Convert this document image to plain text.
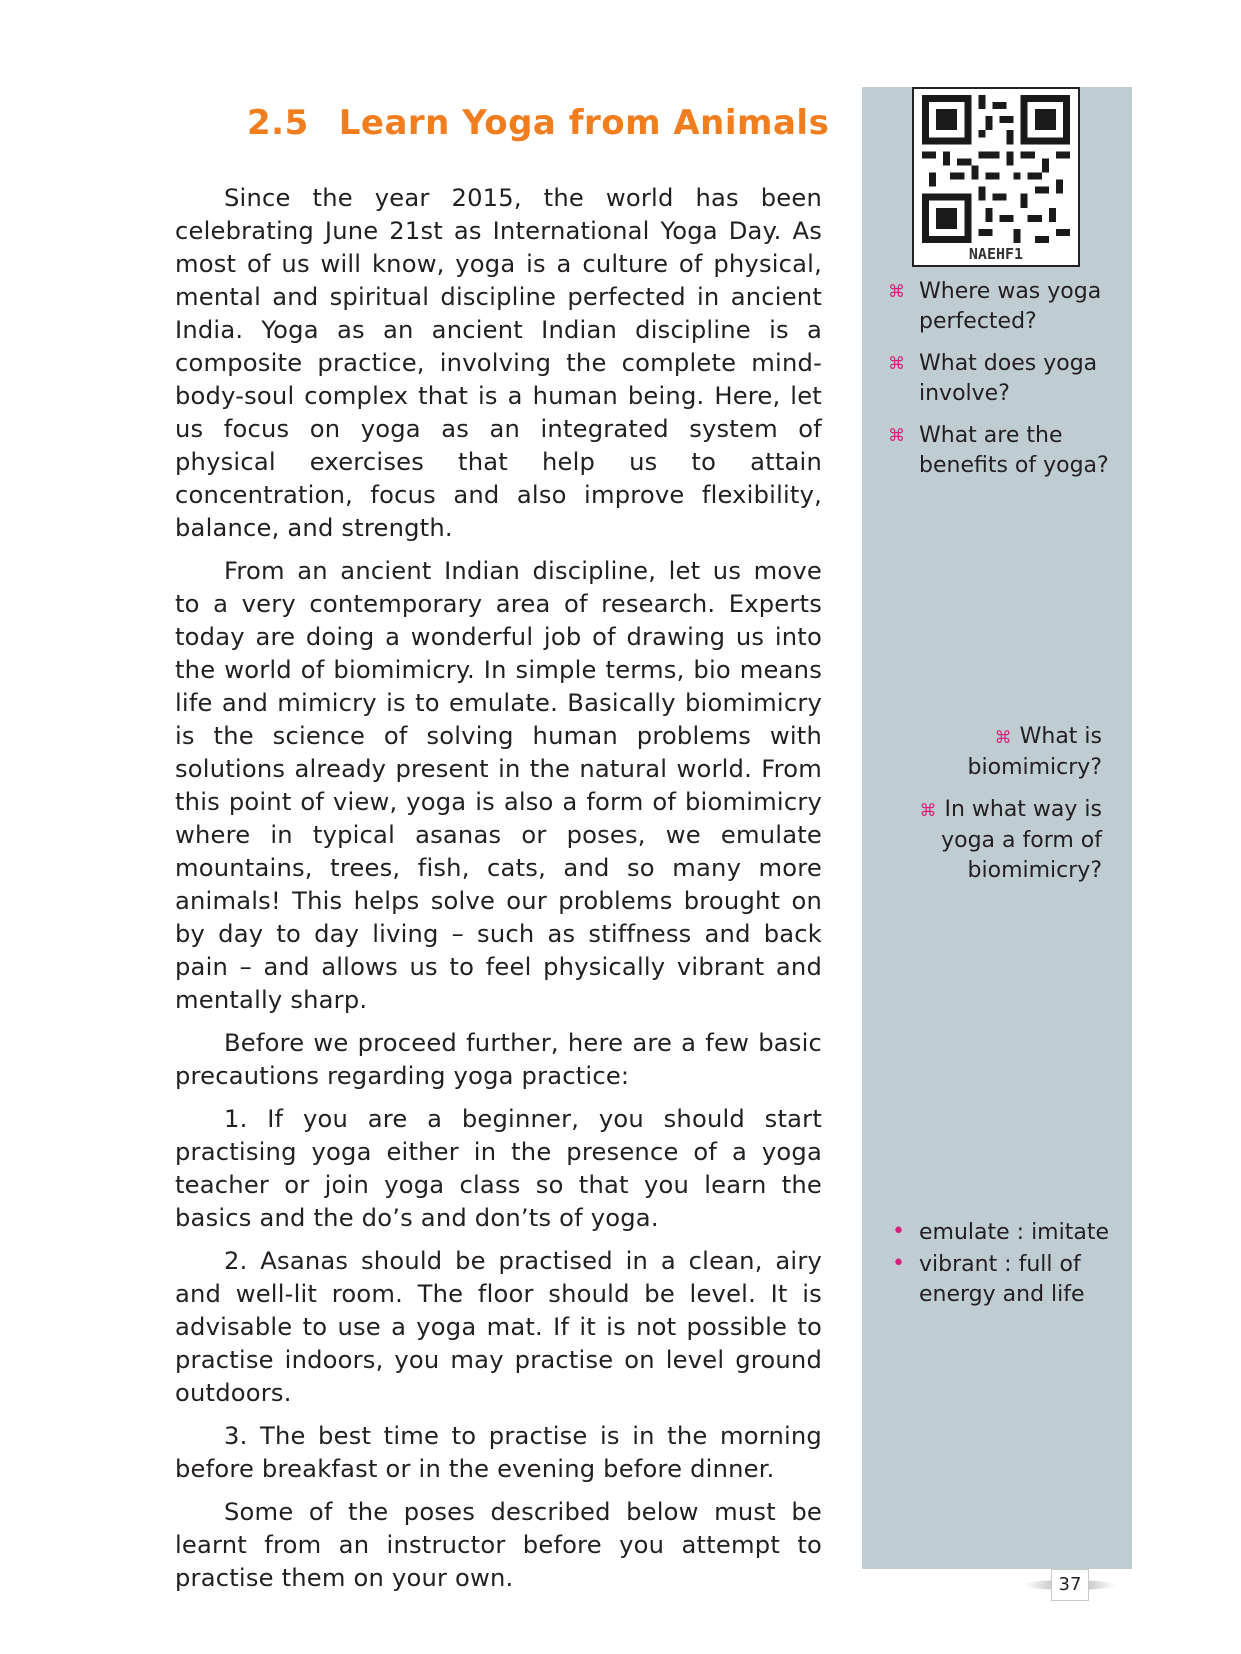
2.5 Learn Yoga from Animals

Since the year 2015, the world has been celebrating June 21st as International Yoga Day. As most of us will know, yoga is a culture of physical, mental and spiritual discipline perfected in ancient India. Yoga as an ancient Indian discipline is a composite practice, involving the complete mind-body-soul complex that is a human being. Here, let us focus on yoga as an integrated system of physical exercises that help us to attain concentration, focus and also improve flexibility, balance, and strength.

From an ancient Indian discipline, let us move to a very contemporary area of research. Experts today are doing a wonderful job of drawing us into the world of biomimicry. In simple terms, bio means life and mimicry is to emulate. Basically biomimicry is the science of solving human problems with solutions already present in the natural world. From this point of view, yoga is also a form of biomimicry where in typical asanas or poses, we emulate mountains, trees, fish, cats, and so many more animals! This helps solve our problems brought on by day to day living – such as stiffness and back pain – and allows us to feel physically vibrant and mentally sharp.

Before we proceed further, here are a few basic precautions regarding yoga practice:

1. If you are a beginner, you should start practising yoga either in the presence of a yoga teacher or join yoga class so that you learn the basics and the do’s and don’ts of yoga.

2. Asanas should be practised in a clean, airy and well-lit room. The floor should be level. It is advisable to use a yoga mat. If it is not possible to practise indoors, you may practise on level ground outdoors.

3. The best time to practise is in the morning before breakfast or in the evening before dinner.

Some of the poses described below must be learnt from an instructor before you attempt to practise them on your own.

NAEHF1
⌘ Where was yoga perfected?
⌘ What does yoga involve?
⌘ What are the benefits of yoga?
⌘ What is biomimicry?
⌘ In what way is yoga a form of biomimicry?
• emulate : imitate
• vibrant : full of energy and life
37
